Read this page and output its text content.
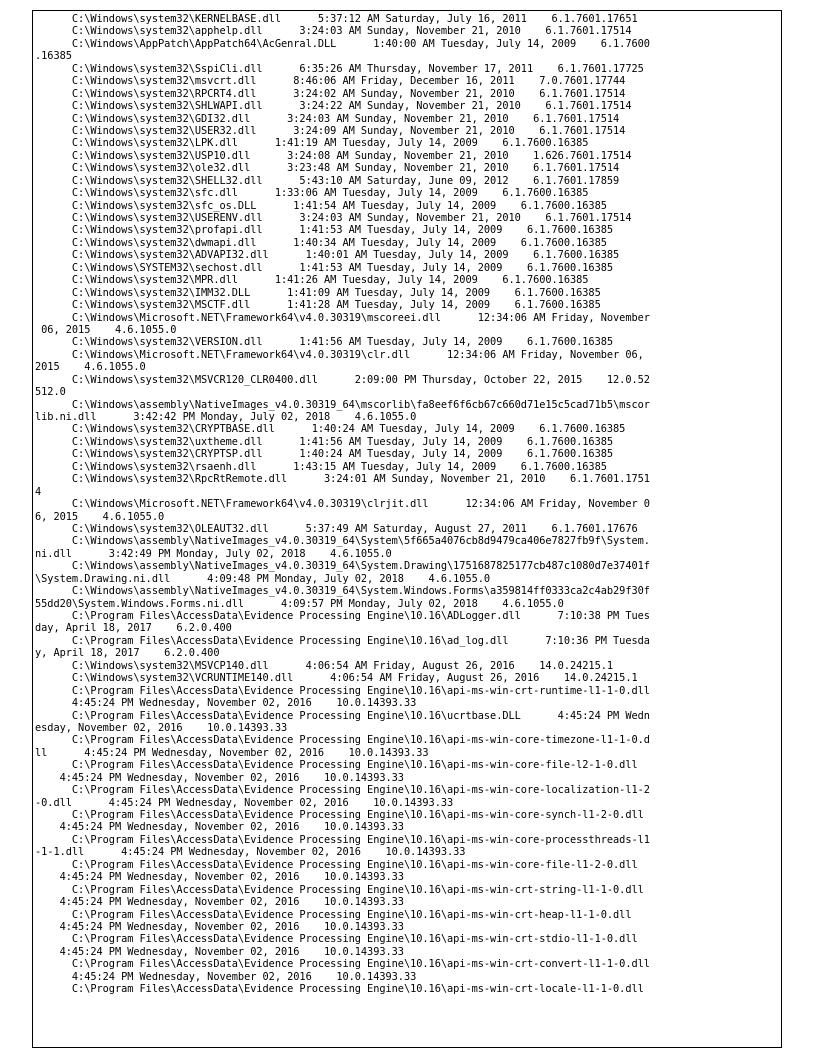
C:\Windows\system32\KERNELBASE.dll      5:37:12 AM Saturday, July 16, 2011    6.1.7601.17651
C:\Windows\system32\apphelp.dll      3:24:03 AM Sunday, November 21, 2010    6.1.7601.17514
C:\Windows\AppPatch\AppPatch64\AcGenral.DLL      1:40:00 AM Tuesday, July 14, 2009    6.1.7600
.16385
C:\Windows\system32\SspiCli.dll      6:35:26 AM Thursday, November 17, 2011    6.1.7601.17725
C:\Windows\system32\msvcrt.dll      8:46:06 AM Friday, December 16, 2011    7.0.7601.17744
C:\Windows\system32\RPCRT4.dll      3:24:02 AM Sunday, November 21, 2010    6.1.7601.17514
C:\Windows\system32\SHLWAPI.dll      3:24:22 AM Sunday, November 21, 2010    6.1.7601.17514
C:\Windows\system32\GDI32.dll      3:24:03 AM Sunday, November 21, 2010    6.1.7601.17514
C:\Windows\system32\USER32.dll      3:24:09 AM Sunday, November 21, 2010    6.1.7601.17514
C:\Windows\system32\LPK.dll      1:41:19 AM Tuesday, July 14, 2009    6.1.7600.16385
C:\Windows\system32\USP10.dll      3:24:08 AM Sunday, November 21, 2010    1.626.7601.17514
C:\Windows\system32\ole32.dll      3:23:48 AM Sunday, November 21, 2010    6.1.7601.17514
C:\Windows\system32\SHELL32.dll      5:43:10 AM Saturday, June 09, 2012    6.1.7601.17859
C:\Windows\system32\sfc.dll      1:33:06 AM Tuesday, July 14, 2009    6.1.7600.16385
C:\Windows\system32\sfc_os.DLL      1:41:54 AM Tuesday, July 14, 2009    6.1.7600.16385
C:\Windows\system32\USERENV.dll      3:24:03 AM Sunday, November 21, 2010    6.1.7601.17514
C:\Windows\system32\profapi.dll      1:41:53 AM Tuesday, July 14, 2009    6.1.7600.16385
C:\Windows\system32\dwmapi.dll      1:40:34 AM Tuesday, July 14, 2009    6.1.7600.16385
C:\Windows\system32\ADVAPI32.dll      1:40:01 AM Tuesday, July 14, 2009    6.1.7600.16385
C:\Windows\SYSTEM32\sechost.dll      1:41:53 AM Tuesday, July 14, 2009    6.1.7600.16385
C:\Windows\system32\MPR.dll      1:41:26 AM Tuesday, July 14, 2009    6.1.7600.16385
C:\Windows\system32\IMM32.DLL      1:41:09 AM Tuesday, July 14, 2009    6.1.7600.16385
C:\Windows\system32\MSCTF.dll      1:41:28 AM Tuesday, July 14, 2009    6.1.7600.16385
C:\Windows\Microsoft.NET\Framework64\v4.0.30319\mscoreei.dll      12:34:06 AM Friday, November
06, 2015    4.6.1055.0
C:\Windows\system32\VERSION.dll      1:41:56 AM Tuesday, July 14, 2009    6.1.7600.16385
C:\Windows\Microsoft.NET\Framework64\v4.0.30319\clr.dll      12:34:06 AM Friday, November 06,
2015    4.6.1055.0
C:\Windows\system32\MSVCR120_CLR0400.dll      2:09:00 PM Thursday, October 22, 2015    12.0.52
512.0
C:\Windows\assembly\NativeImages_v4.0.30319_64\mscorlib\fa8eef6f6cb67c660d71e15c5cad71b5\mscor
lib.ni.dll      3:42:42 PM Monday, July 02, 2018    4.6.1055.0
C:\Windows\system32\CRYPTBASE.dll      1:40:24 AM Tuesday, July 14, 2009    6.1.7600.16385
C:\Windows\system32\uxtheme.dll      1:41:56 AM Tuesday, July 14, 2009    6.1.7600.16385
C:\Windows\system32\CRYPTSP.dll      1:40:24 AM Tuesday, July 14, 2009    6.1.7600.16385
C:\Windows\system32\rsaenh.dll      1:43:15 AM Tuesday, July 14, 2009    6.1.7600.16385
C:\Windows\system32\RpcRtRemote.dll      3:24:01 AM Sunday, November 21, 2010    6.1.7601.1751
4
C:\Windows\Microsoft.NET\Framework64\v4.0.30319\clrjit.dll      12:34:06 AM Friday, November 0
6, 2015    4.6.1055.0
C:\Windows\system32\OLEAUT32.dll      5:37:49 AM Saturday, August 27, 2011    6.1.7601.17676
C:\Windows\assembly\NativeImages_v4.0.30319_64\System\5f665a4076cb8d9479ca406e7827fb9f\System.
ni.dll      3:42:49 PM Monday, July 02, 2018    4.6.1055.0
C:\Windows\assembly\NativeImages_v4.0.30319_64\System.Drawing\1751687825177cb487c1080d7e37401f
\System.Drawing.ni.dll      4:09:48 PM Monday, July 02, 2018    4.6.1055.0
C:\Windows\assembly\NativeImages_v4.0.30319_64\System.Windows.Forms\a359814ff0333ca2c4ab29f30f
55dd20\System.Windows.Forms.ni.dll      4:09:57 PM Monday, July 02, 2018    4.6.1055.0
C:\Program Files\AccessData\Evidence Processing Engine\10.16\ADLogger.dll      7:10:38 PM Tues
day, April 18, 2017    6.2.0.400
C:\Program Files\AccessData\Evidence Processing Engine\10.16\ad_log.dll      7:10:36 PM Tuesda
y, April 18, 2017    6.2.0.400
C:\Windows\system32\MSVCP140.dll      4:06:54 AM Friday, August 26, 2016    14.0.24215.1
C:\Windows\system32\VCRUNTIME140.dll      4:06:54 AM Friday, August 26, 2016    14.0.24215.1
C:\Program Files\AccessData\Evidence Processing Engine\10.16\api-ms-win-crt-runtime-l1-1-0.dll
4:45:24 PM Wednesday, November 02, 2016    10.0.14393.33
C:\Program Files\AccessData\Evidence Processing Engine\10.16\ucrtbase.DLL      4:45:24 PM Wedn
esday, November 02, 2016    10.0.14393.33
C:\Program Files\AccessData\Evidence Processing Engine\10.16\api-ms-win-core-timezone-l1-1-0.d
ll      4:45:24 PM Wednesday, November 02, 2016    10.0.14393.33
C:\Program Files\AccessData\Evidence Processing Engine\10.16\api-ms-win-core-file-l2-1-0.dll
4:45:24 PM Wednesday, November 02, 2016    10.0.14393.33
C:\Program Files\AccessData\Evidence Processing Engine\10.16\api-ms-win-core-localization-l1-2
-0.dll      4:45:24 PM Wednesday, November 02, 2016    10.0.14393.33
C:\Program Files\AccessData\Evidence Processing Engine\10.16\api-ms-win-core-synch-l1-2-0.dll
4:45:24 PM Wednesday, November 02, 2016    10.0.14393.33
C:\Program Files\AccessData\Evidence Processing Engine\10.16\api-ms-win-core-processthreads-l1
-1-1.dll      4:45:24 PM Wednesday, November 02, 2016    10.0.14393.33
C:\Program Files\AccessData\Evidence Processing Engine\10.16\api-ms-win-core-file-l1-2-0.dll
4:45:24 PM Wednesday, November 02, 2016    10.0.14393.33
C:\Program Files\AccessData\Evidence Processing Engine\10.16\api-ms-win-crt-string-l1-1-0.dll
4:45:24 PM Wednesday, November 02, 2016    10.0.14393.33
C:\Program Files\AccessData\Evidence Processing Engine\10.16\api-ms-win-crt-heap-l1-1-0.dll
4:45:24 PM Wednesday, November 02, 2016    10.0.14393.33
C:\Program Files\AccessData\Evidence Processing Engine\10.16\api-ms-win-crt-stdio-l1-1-0.dll
4:45:24 PM Wednesday, November 02, 2016    10.0.14393.33
C:\Program Files\AccessData\Evidence Processing Engine\10.16\api-ms-win-crt-convert-l1-1-0.dll
4:45:24 PM Wednesday, November 02, 2016    10.0.14393.33
C:\Program Files\AccessData\Evidence Processing Engine\10.16\api-ms-win-crt-locale-l1-1-0.dll
